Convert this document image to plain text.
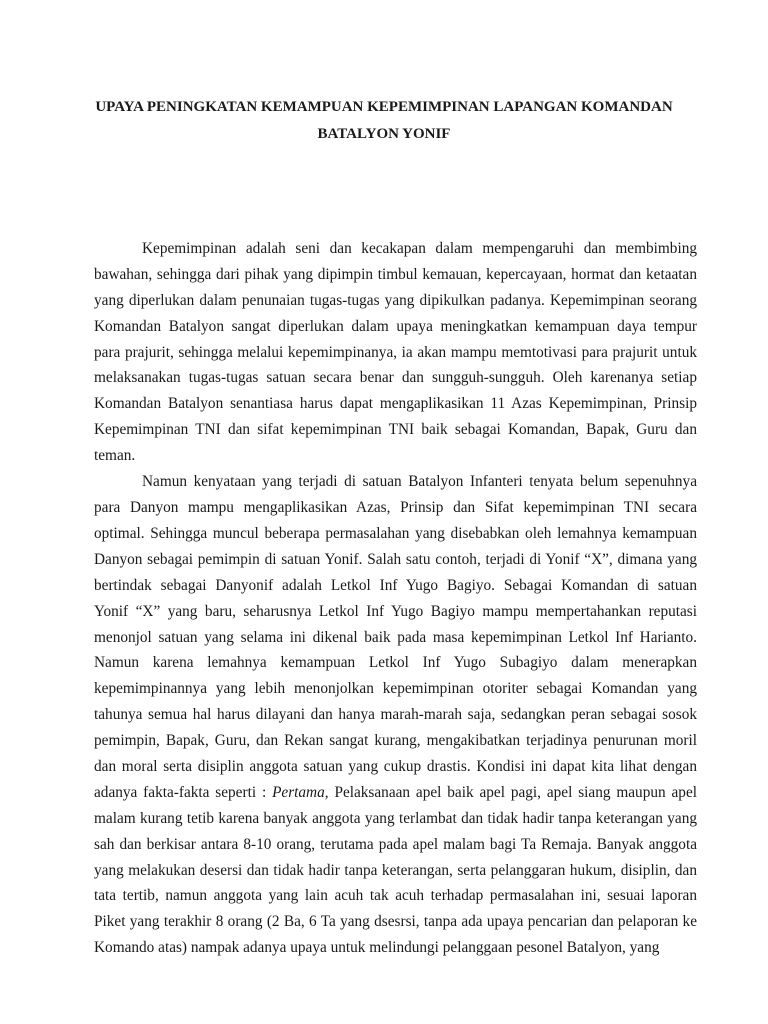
UPAYA PENINGKATAN KEMAMPUAN KEPEMIMPINAN LAPANGAN KOMANDAN
BATALYON YONIF
Kepemimpinan adalah seni dan kecakapan dalam mempengaruhi dan membimbing
bawahan, sehingga dari pihak yang dipimpin timbul kemauan, kepercayaan, hormat dan ketaatan
yang diperlukan dalam penunaian tugas-tugas yang dipikulkan padanya. Kepemimpinan seorang
Komandan Batalyon sangat diperlukan dalam upaya meningkatkan kemampuan daya tempur
para prajurit, sehingga melalui kepemimpinanya, ia akan mampu memtotivasi para prajurit untuk
melaksanakan tugas-tugas satuan secara benar dan sungguh-sungguh. Oleh karenanya setiap
Komandan Batalyon senantiasa harus dapat mengaplikasikan 11 Azas Kepemimpinan, Prinsip
Kepemimpinan TNI dan sifat kepemimpinan TNI baik sebagai Komandan, Bapak, Guru dan
teman.
Namun kenyataan yang terjadi di satuan Batalyon Infanteri tenyata belum sepenuhnya
para Danyon mampu mengaplikasikan Azas, Prinsip dan Sifat kepemimpinan TNI secara
optimal. Sehingga muncul beberapa permasalahan yang disebabkan oleh lemahnya kemampuan
Danyon sebagai pemimpin di satuan Yonif. Salah satu contoh, terjadi di Yonif “X”, dimana yang
bertindak sebagai Danyonif adalah Letkol Inf Yugo Bagiyo. Sebagai Komandan di satuan
Yonif “X” yang baru, seharusnya Letkol Inf Yugo Bagiyo mampu mempertahankan reputasi
menonjol satuan yang selama ini dikenal baik pada masa kepemimpinan Letkol Inf Harianto.
Namun karena lemahnya kemampuan Letkol Inf Yugo Subagiyo dalam menerapkan
kepemimpinannya yang lebih menonjolkan kepemimpinan otoriter sebagai Komandan yang
tahunya semua hal harus dilayani dan hanya marah-marah saja, sedangkan peran sebagai sosok
pemimpin, Bapak, Guru, dan Rekan sangat kurang, mengakibatkan terjadinya penurunan moril
dan moral serta disiplin anggota satuan yang cukup drastis. Kondisi ini dapat kita lihat dengan
adanya fakta-fakta seperti : Pertama, Pelaksanaan apel baik apel pagi, apel siang maupun apel
malam kurang tetib karena banyak anggota yang terlambat dan tidak hadir tanpa keterangan yang
sah dan berkisar antara 8-10 orang, terutama pada apel malam bagi Ta Remaja. Banyak anggota
yang melakukan desersi dan tidak hadir tanpa keterangan, serta pelanggaran hukum, disiplin, dan
tata tertib, namun anggota yang lain acuh tak acuh terhadap permasalahan ini, sesuai laporan
Piket yang terakhir 8 orang (2 Ba, 6 Ta yang dsesrsi, tanpa ada upaya pencarian dan pelaporan ke
Komando atas) nampak adanya upaya untuk melindungi pelanggaan pesonel Batalyon, yang
